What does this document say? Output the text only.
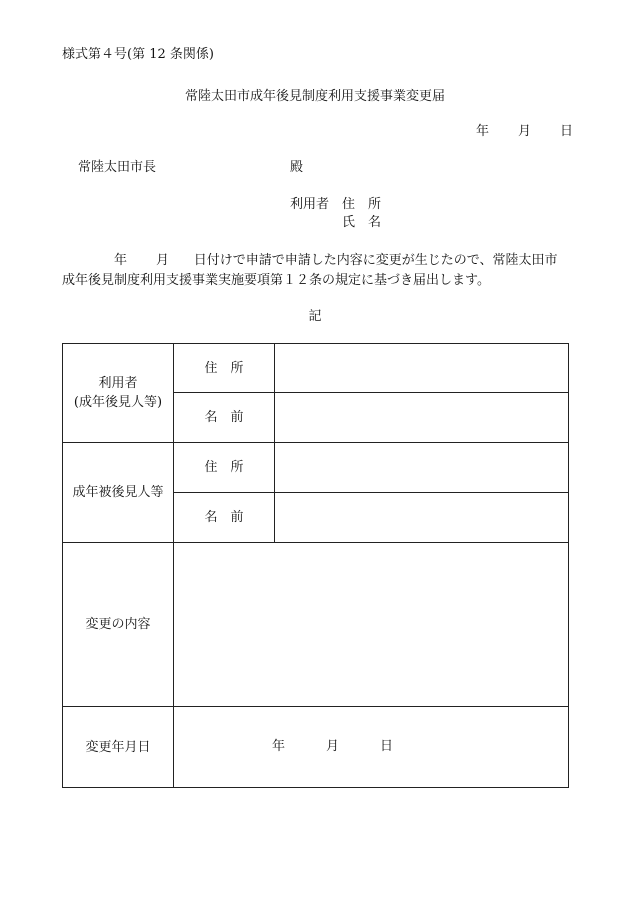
様式第４号(第 12 条関係)
常陸太田市成年後見制度利用支援事業変更届
年 月 日
常陸太田市長	殿
利用者 住　所
氏　名
年 月 日付けで申請で申請した内容に変更が生じたので、常陸太田市成年後見制度利用支援事業実施要項第１２条の規定に基づき届出します。
記
利用者
(成年後見人等)	住　所	
	名　前	
成年被後見人等	住　所	
	名　前	
変更の内容		
変更年月日	年 月 日	
